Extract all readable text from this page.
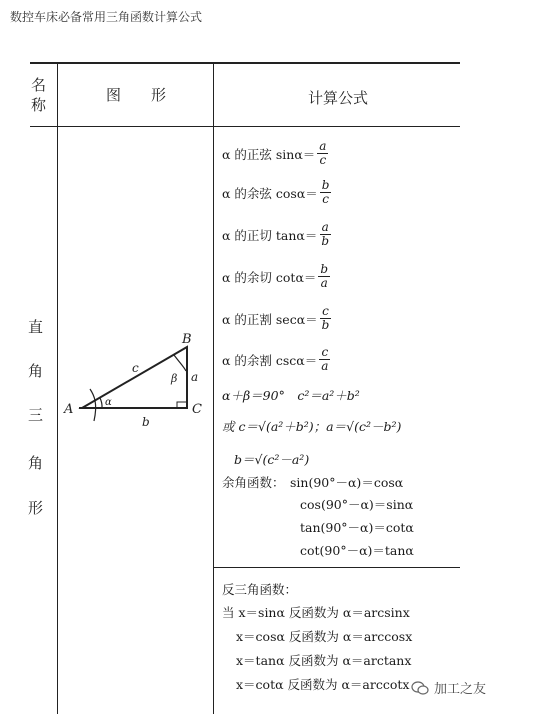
数控车床必备常用三角函数计算公式
名
称
图　　形	计算公式
直
角
三
角
形
A
B
C
c
a
b
α
β
α 的正弦 $\sin\alpha= \frac{a}{c}$
α 的余弦 $\cos\alpha= \frac{b}{c}$
α 的正切 $\tan\alpha= \frac{a}{b}$
α 的余切 $\cot\alpha= \frac{b}{a}$
α 的正割 $\sec\alpha= \frac{c}{b}$
α 的余割 $\csc\alpha= \frac{c}{a}$
α＋β＝90°　c²＝a²＋b²
或 c＝√(a²＋b²)；a＝√(c²－b²)
b＝√(c²－a²)
余角函数： sin(90°－α)＝cosα
cos(90°－α)＝sinα
tan(90°－α)＝cotα
cot(90°－α)＝tanα
反三角函数：
当 x＝sinα 反函数为 α＝arcsinx
x＝cosα 反函数为 α＝arccosx
x＝tanα 反函数为 α＝arctanx
x＝cotα 反函数为 α＝arccotx 加工之友
